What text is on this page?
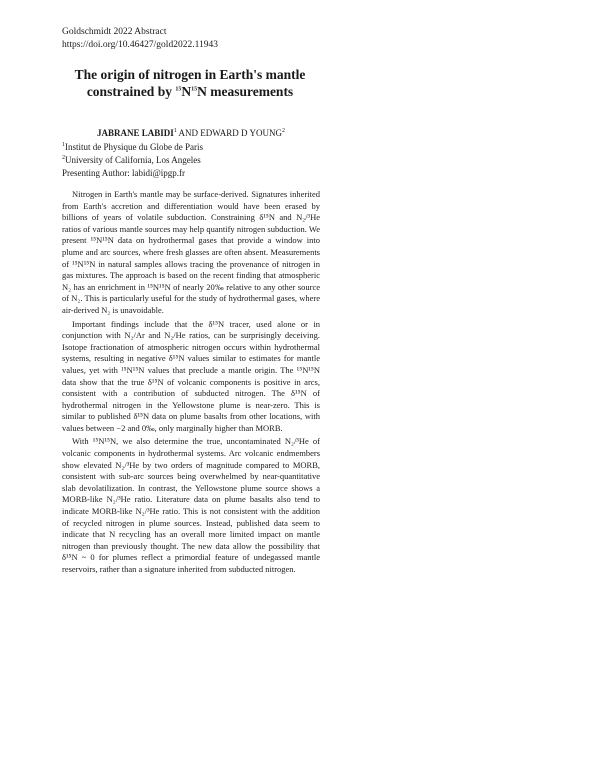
Goldschmidt 2022 Abstract
https://doi.org/10.46427/gold2022.11943
The origin of nitrogen in Earth's mantle constrained by $^{15}N^{15}N$ measurements
JABRANE LABIDI$^1$ AND EDWARD D YOUNG$^2$
$^1$Institut de Physique du Globe de Paris
$^2$University of California, Los Angeles
Presenting Author: labidi@ipgp.fr

Nitrogen in Earth's mantle may be surface-derived. Signatures inherited from Earth's accretion and differentiation would have been erased by billions of years of volatile subduction. Constraining δ¹⁵N and N₂/³He ratios of various mantle sources may help quantify nitrogen subduction. We present ¹⁵N¹⁵N data on hydrothermal gases that provide a window into plume and arc sources, where fresh glasses are often absent. Measurements of ¹⁵N¹⁵N in natural samples allows tracing the provenance of nitrogen in gas mixtures. The approach is based on the recent finding that atmospheric N₂ has an enrichment in ¹⁵N¹⁵N of nearly 20‰ relative to any other source of N₂. This is particularly useful for the study of hydrothermal gases, where air-derived N₂ is unavoidable.

Important findings include that the δ¹⁵N tracer, used alone or in conjunction with N₂/Ar and N₂/He ratios, can be surprisingly deceiving. Isotope fractionation of atmospheric nitrogen occurs within hydrothermal systems, resulting in negative δ¹⁵N values similar to estimates for mantle values, yet with ¹⁵N¹⁵N values that preclude a mantle origin. The ¹⁵N¹⁵N data show that the true δ¹⁵N of volcanic components is positive in arcs, consistent with a contribution of subducted nitrogen. The δ¹⁵N of hydrothermal nitrogen in the Yellowstone plume is near-zero. This is similar to published δ¹⁵N data on plume basalts from other locations, with values between −2 and 0‰, only marginally higher than MORB.

With ¹⁵N¹⁵N, we also determine the true, uncontaminated N₂/³He of volcanic components in hydrothermal systems. Arc volcanic endmembers show elevated N₂/³He by two orders of magnitude compared to MORB, consistent with sub-arc sources being overwhelmed by near-quantitative slab devolatilization. In contrast, the Yellowstone plume source shows a MORB-like N₂/³He ratio. Literature data on plume basalts also tend to indicate MORB-like N₂/³He ratio. This is not consistent with the addition of recycled nitrogen in plume sources. Instead, published data seem to indicate that N recycling has an overall more limited impact on mantle nitrogen than previously thought. The new data allow the possibility that δ¹⁵N ~ 0 for plumes reflect a primordial feature of undegassed mantle reservoirs, rather than a signature inherited from subducted nitrogen.
